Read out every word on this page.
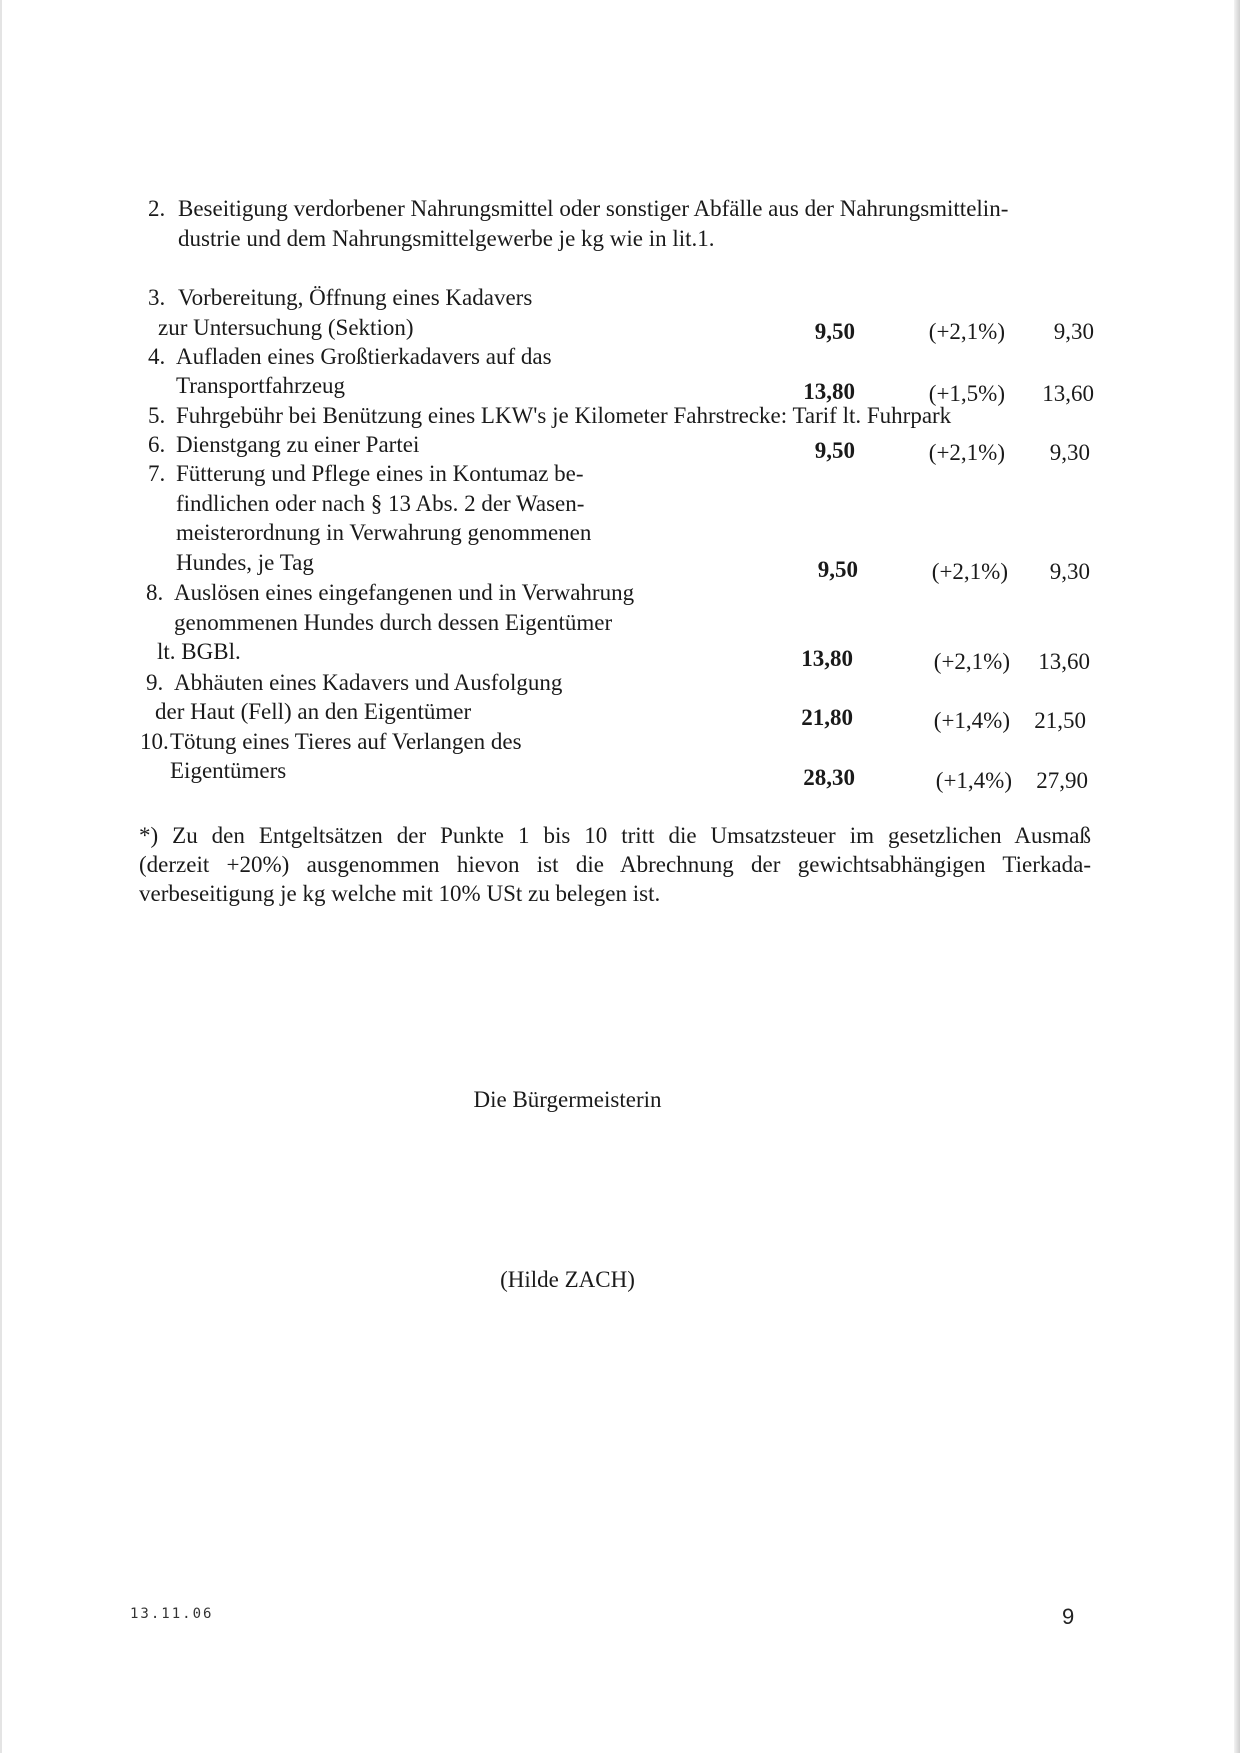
2. Beseitigung verdorbener Nahrungsmittel oder sonstiger Abfälle aus der Nahrungsmittelin-
dustrie und dem Nahrungsmittelgewerbe je kg wie in lit.1.
3. Vorbereitung, Öffnung eines Kadavers
zur Untersuchung (Sektion)	9,50	(+2,1%)	9,30
4. Aufladen eines Großtierkadavers auf das
Transportfahrzeug	13,80	(+1,5%)	13,60
5. Fuhrgebühr bei Benützung eines LKW's je Kilometer Fahrstrecke: Tarif lt. Fuhrpark
6. Dienstgang zu einer Partei	9,50	(+2,1%)	9,30
7. Fütterung und Pflege eines in Kontumaz be-
findlichen oder nach § 13 Abs. 2 der Wasen-
meisterordnung in Verwahrung genommenen
Hundes, je Tag	9,50	(+2,1%)	9,30
8. Auslösen eines eingefangenen und in Verwahrung
genommenen Hundes durch dessen Eigentümer
lt. BGBl.	13,80	(+2,1%)	13,60
9. Abhäuten eines Kadavers und Ausfolgung
der Haut (Fell) an den Eigentümer	21,80	(+1,4%)	21,50
10. Tötung eines Tieres auf Verlangen des
Eigentümers	28,30	(+1,4%)	27,90
*) Zu den Entgeltsätzen der Punkte 1 bis 10 tritt die Umsatzsteuer im gesetzlichen Ausmaß
(derzeit +20%) ausgenommen hievon ist die Abrechnung der gewichtsabhängigen Tierkada-
verbeseitigung je kg welche mit 10% USt zu belegen ist.
Die Bürgermeisterin
(Hilde ZACH)
13.11.06	9
